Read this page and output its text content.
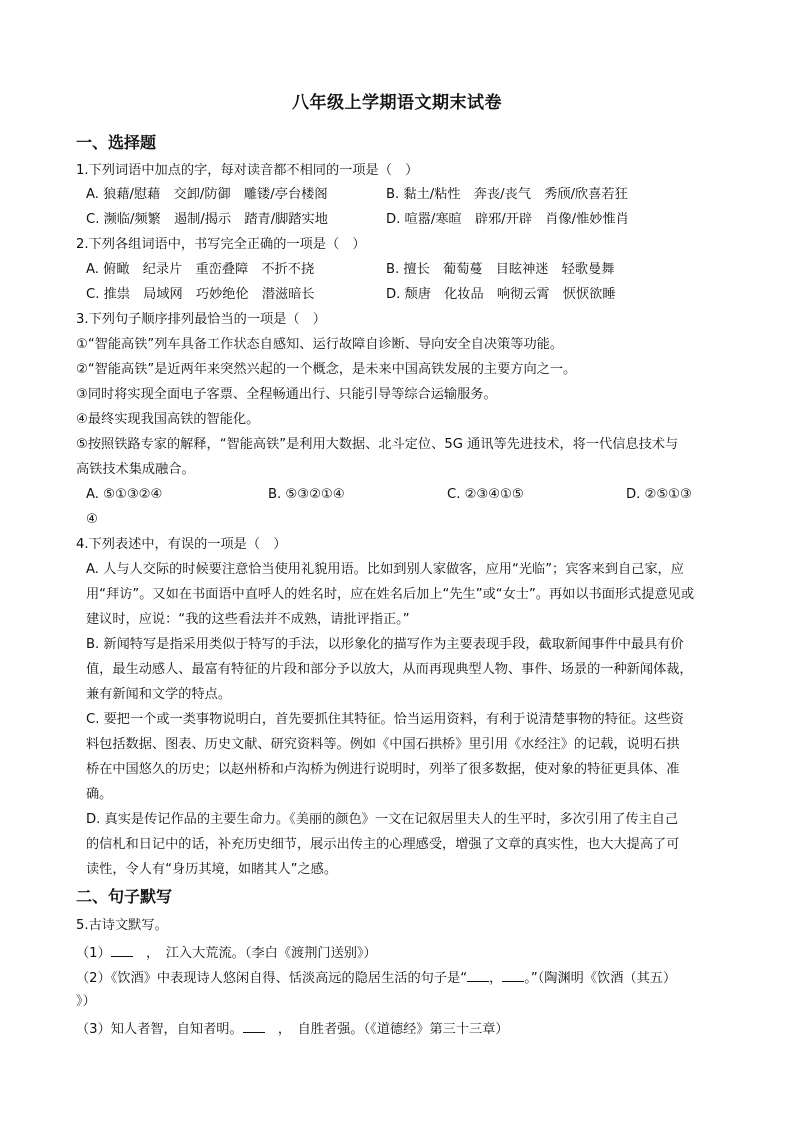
八年级上学期语文期末试卷
一、选择题
1.下列词语中加点的字，每对读音都不相同的一项是（　）
A. 狼藉/慰藉　交卸/防御　雕镂/亭台楼阁	B. 黏土/粘性　奔丧/丧气　秀颀/欣喜若狂
C. 濒临/频繁　遏制/揭示　踏青/脚踏实地	D. 喧嚣/寒暄　辟邪/开辟　肖像/惟妙惟肖
2.下列各组词语中，书写完全正确的一项是（　）
A. 俯瞰　纪录片　重峦叠障　不折不挠	B. 擅长　葡萄蔓　目眩神迷　轻歌曼舞
C. 推祟　局域网　巧妙绝伦　潜滋暗长	D. 颓唐　化妆品　响彻云霄　恹恹欲睡
3.下列句子顺序排列最恰当的一项是（　）
①“智能高铁”列车具备工作状态自感知、运行故障自诊断、导向安全自决策等功能。
②“智能高铁”是近两年来突然兴起的一个概念，是未来中国高铁发展的主要方向之一。
③同时将实现全面电子客票、全程畅通出行、只能引导等综合运输服务。
④最终实现我国高铁的智能化。
⑤按照铁路专家的解释，“智能高铁”是利用大数据、北斗定位、5G 通讯等先进技术，将一代信息技术与
高铁技术集成融合。
A. ⑤①③②④	B. ⑤③②①④	C. ②③④①⑤	D. ②⑤①③
④
4.下列表述中，有误的一项是（　）
A. 人与人交际的时候要注意恰当使用礼貌用语。比如到别人家做客，应用“光临”；宾客来到自己家，应
用“拜访”。又如在书面语中直呼人的姓名时，应在姓名后加上“先生”或“女士”。再如以书面形式提意见或
建议时，应说：“我的这些看法并不成熟，请批评指正。”
B. 新闻特写是指采用类似于特写的手法，以形象化的描写作为主要表现手段，截取新闻事件中最具有价
值，最生动感人、最富有特征的片段和部分予以放大，从而再现典型人物、事件、场景的一种新闻体裁，
兼有新闻和文学的特点。
C. 要把一个或一类事物说明白，首先要抓住其特征。恰当运用资料，有利于说清楚事物的特征。这些资
料包括数据、图表、历史文献、研究资料等。例如《中国石拱桥》里引用《水经注》的记载，说明石拱
桥在中国悠久的历史；以赵州桥和卢沟桥为例进行说明时，列举了很多数据，使对象的特征更具体、准
确。
D. 真实是传记作品的主要生命力。《美丽的颜色》一文在记叙居里夫人的生平时，多次引用了传主自己
的信札和日记中的话，补充历史细节，展示出传主的心理感受，增强了文章的真实性，也大大提高了可
读性，令人有“身历其境，如睹其人”之感。
二、句子默写
5.古诗文默写。
（1）　	，　江入大荒流。（李白《渡荆门送别》）
（2）《饮酒》中表现诗人悠闲自得、恬淡高远的隐居生活的句子是“ ， 。”（陶渊明《饮酒（其五）
》）
（3）知人者智，自知者明。　	，　自胜者强。（《道德经》第三十三章）
